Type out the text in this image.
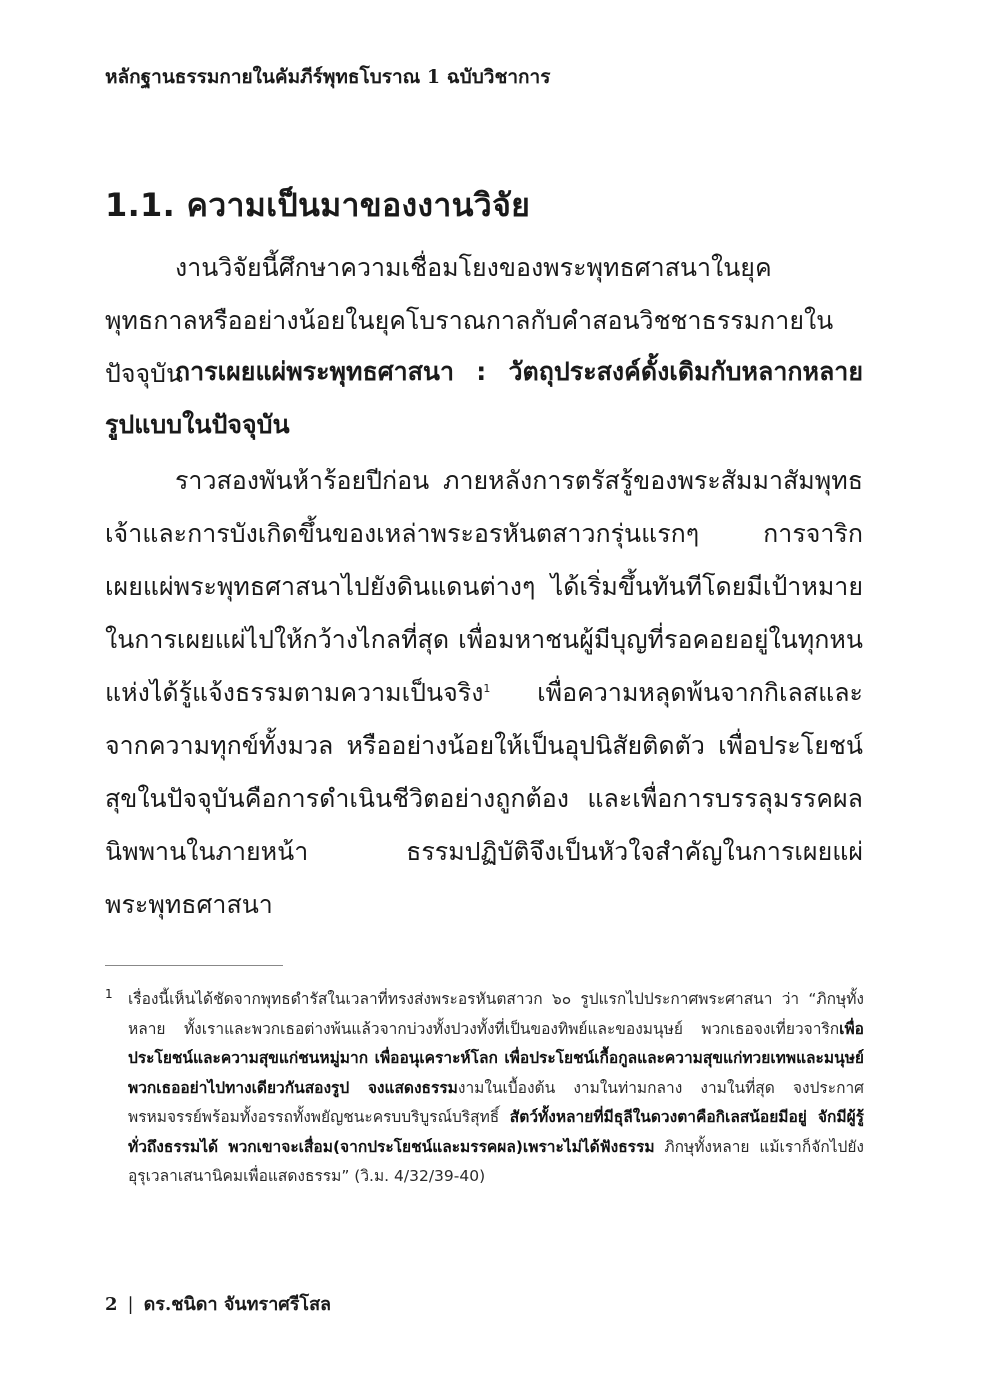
หลักฐานธรรมกายในคัมภีร์พุทธโบราณ 1 ฉบับวิชาการ
1.1. ความเป็นมาของงานวิจัย

งานวิจัยนี้ศึกษาความเชื่อมโยงของพระพุทธศาสนาในยุคพุทธกาลหรืออย่างน้อยในยุคโบราณกาลกับคำสอนวิชชาธรรมกายในปัจจุบัน

การเผยแผ่พระพุทธศาสนา : วัตถุประสงค์ดั้งเดิมกับหลากหลายรูปแบบในปัจจุบัน

ราวสองพันห้าร้อยปีก่อน ภายหลังการตรัสรู้ของพระสัมมาสัมพุทธเจ้าและการบังเกิดขึ้นของเหล่าพระอรหันตสาวกรุ่นแรกๆ การจาริกเผยแผ่พระพุทธศาสนาไปยังดินแดนต่างๆ ได้เริ่มขึ้นทันทีโดยมีเป้าหมายในการเผยแผ่ไปให้กว้างไกลที่สุด เพื่อมหาชนผู้มีบุญที่รอคอยอยู่ในทุกหนแห่งได้รู้แจ้งธรรมตามความเป็นจริง$^1$ เพื่อความหลุดพ้นจากกิเลสและจากความทุกข์ทั้งมวล หรืออย่างน้อยให้เป็นอุปนิสัยติดตัว เพื่อประโยชน์สุขในปัจจุบันคือการดำเนินชีวิตอย่างถูกต้อง และเพื่อการบรรลุมรรคผลนิพพานในภายหน้า ธรรมปฏิบัติจึงเป็นหัวใจสำคัญในการเผยแผ่พระพุทธศาสนา

1 เรื่องนี้เห็นได้ชัดจากพุทธดำรัสในเวลาที่ทรงส่งพระอรหันตสาวก ๖๐ รูปแรกไปประกาศพระศาสนา ว่า “ภิกษุทั้งหลาย ทั้งเราและพวกเธอต่างพ้นแล้วจากบ่วงทั้งปวงทั้งที่เป็นของทิพย์และของมนุษย์ พวกเธอจงเที่ยวจาริกเพื่อประโยชน์และความสุขแก่ชนหมู่มาก เพื่ออนุเคราะห์โลก เพื่อประโยชน์เกื้อกูลและความสุขแก่ทวยเทพและมนุษย์ พวกเธออย่าไปทางเดียวกันสองรูป จงแสดงธรรมงามในเบื้องต้น งามในท่ามกลาง งามในที่สุด จงประกาศพรหมจรรย์พร้อมทั้งอรรถทั้งพยัญชนะครบบริบูรณ์บริสุทธิ์ สัตว์ทั้งหลายที่มีธุลีในดวงตาคือกิเลสน้อยมีอยู่ จักมีผู้รู้ทั่วถึงธรรมได้ พวกเขาจะเสื่อม(จากประโยชน์และมรรคผล)เพราะไม่ได้ฟังธรรม ภิกษุทั้งหลาย แม้เราก็จักไปยังอุรุเวลาเสนานิคมเพื่อแสดงธรรม” (วิ.ม. 4/32/39-40)

2 | ดร.ชนิดา จันทราศรีโสล
